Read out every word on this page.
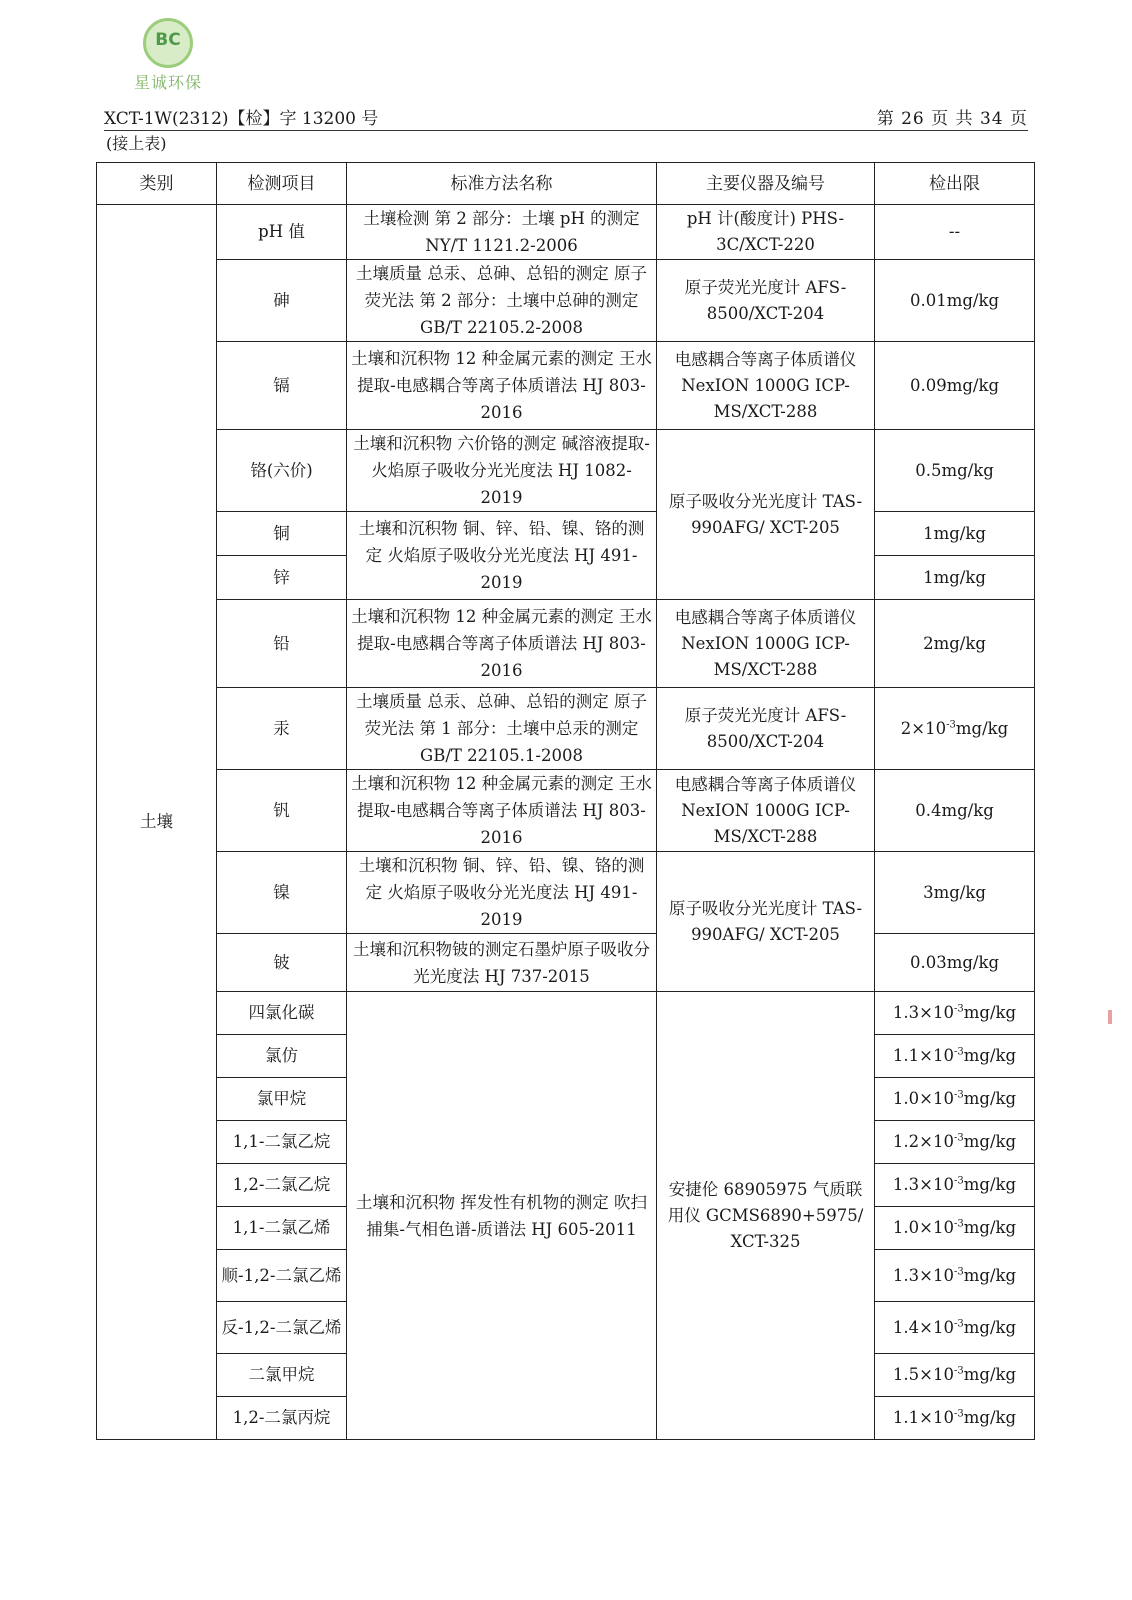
BC
星诚环保
XCT-1W(2312)【检】字 13200 号	第 26 页 共 34 页
(接上表)
类别	检测项目	标准方法名称	主要仪器及编号	检出限
土壤	pH 值	土壤检测 第 2 部分：土壤 pH 的测定 NY/T 1121.2-2006	pH 计(酸度计) PHS-3C/XCT-220	--
	砷	土壤质量 总汞、总砷、总铅的测定 原子荧光法 第 2 部分：土壤中总砷的测定 GB/T 22105.2-2008	原子荧光光度计 AFS-8500/XCT-204	0.01mg/kg
	镉	土壤和沉积物 12 种金属元素的测定 王水提取-电感耦合等离子体质谱法 HJ 803-2016	电感耦合等离子体质谱仪 NexION 1000G ICP-MS/XCT-288	0.09mg/kg
	铬(六价)	土壤和沉积物 六价铬的测定 碱溶液提取-火焰原子吸收分光光度法 HJ 1082-2019	原子吸收分光光度计 TAS-990AFG/ XCT-205	0.5mg/kg
	铜	土壤和沉积物 铜、锌、铅、镍、铬的测定 火焰原子吸收分光光度法 HJ 491-2019		1mg/kg
	锌			1mg/kg
	铅	土壤和沉积物 12 种金属元素的测定 王水提取-电感耦合等离子体质谱法 HJ 803-2016	电感耦合等离子体质谱仪 NexION 1000G ICP-MS/XCT-288	2mg/kg
	汞	土壤质量 总汞、总砷、总铅的测定 原子荧光法 第 1 部分：土壤中总汞的测定 GB/T 22105.1-2008	原子荧光光度计 AFS-8500/XCT-204	$2\times 10^{-3}mg/kg$
	钒	土壤和沉积物 12 种金属元素的测定 王水提取-电感耦合等离子体质谱法 HJ 803-2016	电感耦合等离子体质谱仪 NexION 1000G ICP-MS/XCT-288	0.4mg/kg
	镍	土壤和沉积物 铜、锌、铅、镍、铬的测定 火焰原子吸收分光光度法 HJ 491-2019	原子吸收分光光度计 TAS-990AFG/ XCT-205	3mg/kg
	铍	土壤和沉积物铍的测定石墨炉原子吸收分光光度法 HJ 737-2015		0.03mg/kg
	四氯化碳	土壤和沉积物 挥发性有机物的测定 吹扫捕集-气相色谱-质谱法 HJ 605-2011	安捷伦 68905975 气质联用仪 GCMS6890+5975/ XCT-325	$1.3\times 10^{-3}mg/kg$
	氯仿			$1.1\times 10^{-3}mg/kg$
	氯甲烷			$1.0\times 10^{-3}mg/kg$
	1,1-二氯乙烷			$1.2\times 10^{-3}mg/kg$
	1,2-二氯乙烷			$1.3\times 10^{-3}mg/kg$
	1,1-二氯乙烯			$1.0\times 10^{-3}mg/kg$
	顺-1,2-二氯乙烯			$1.3\times 10^{-3}mg/kg$
	反-1,2-二氯乙烯			$1.4\times 10^{-3}mg/kg$
	二氯甲烷			$1.5\times 10^{-3}mg/kg$
	1,2-二氯丙烷			$1.1\times 10^{-3}mg/kg$
